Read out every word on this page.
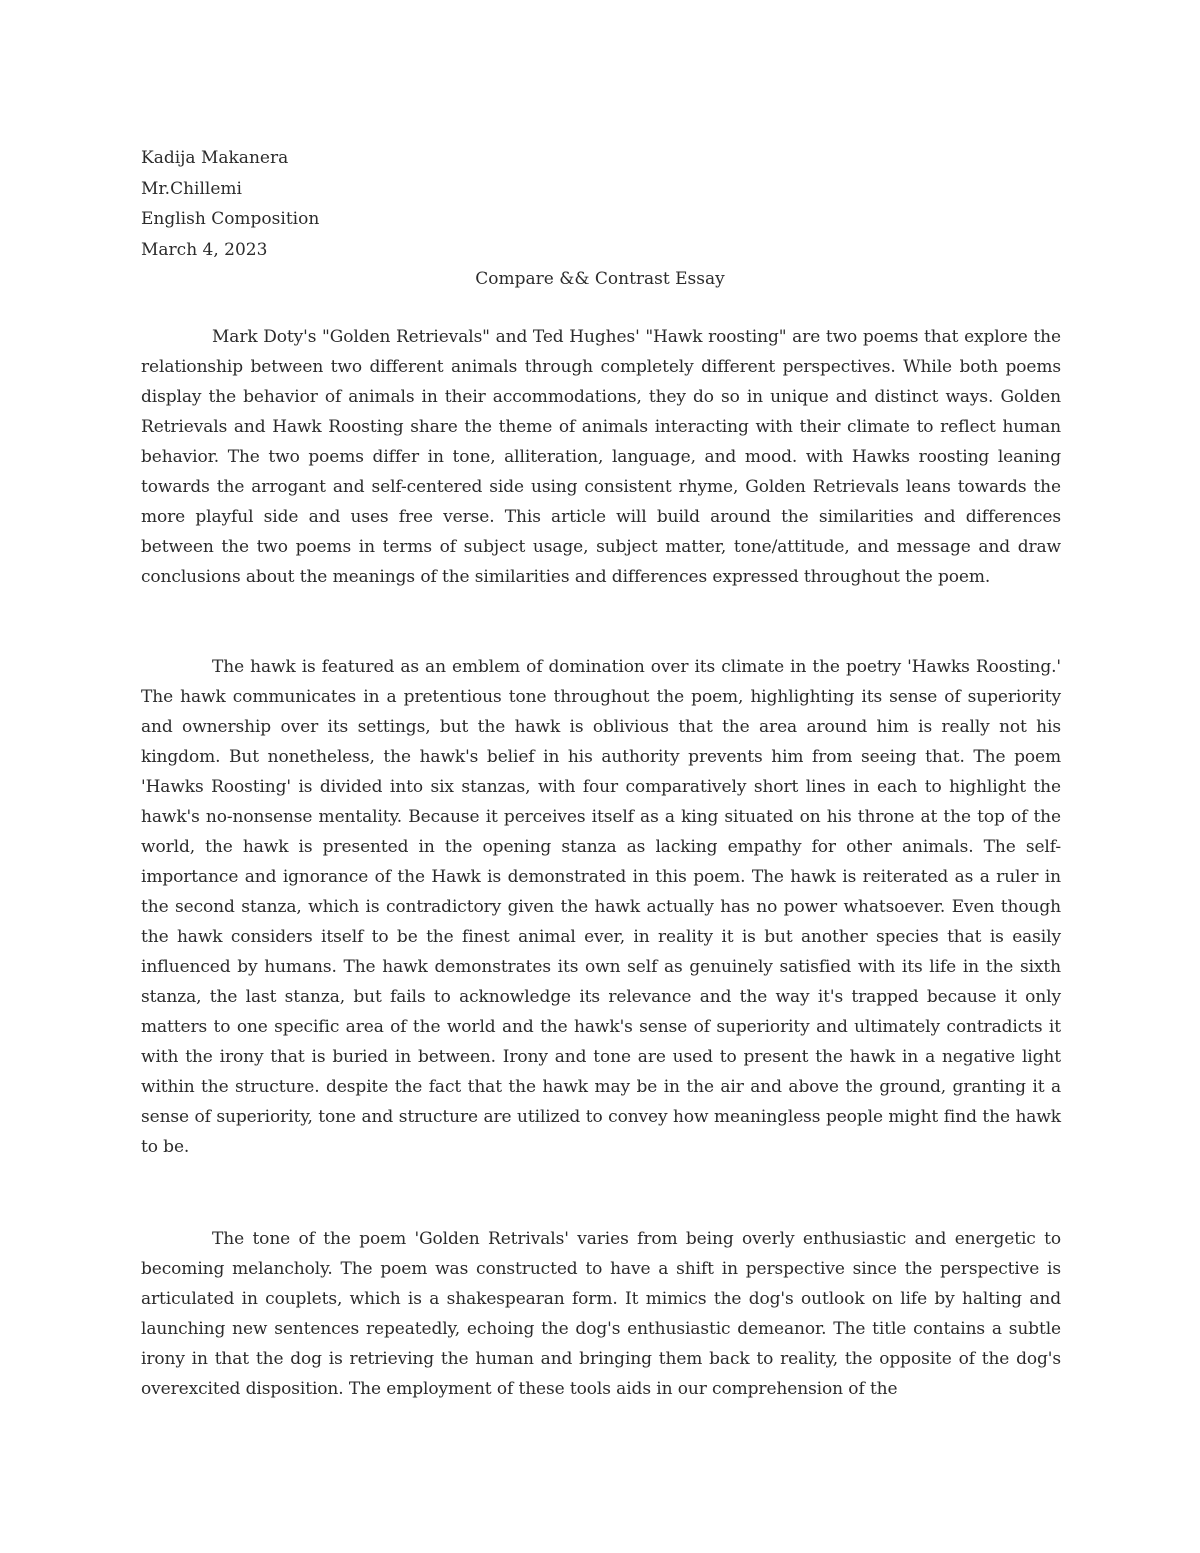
Kadija Makanera
Mr.Chillemi
English Composition
March 4, 2023
Compare && Contrast Essay

Mark Doty's "Golden Retrievals" and Ted Hughes' "Hawk roosting" are two poems that explore the relationship between two different animals through completely different perspectives. While both poems display the behavior of animals in their accommodations, they do so in unique and distinct ways. Golden Retrievals and Hawk Roosting share the theme of animals interacting with their climate to reflect human behavior. The two poems differ in tone, alliteration, language, and mood. with Hawks roosting leaning towards the arrogant and self-centered side using consistent rhyme, Golden Retrievals leans towards the more playful side and uses free verse. This article will build around the similarities and differences between the two poems in terms of subject usage, subject matter, tone/attitude, and message and draw conclusions about the meanings of the similarities and differences expressed throughout the poem.

The hawk is featured as an emblem of domination over its climate in the poetry 'Hawks Roosting.' The hawk communicates in a pretentious tone throughout the poem, highlighting its sense of superiority and ownership over its settings, but the hawk is oblivious that the area around him is really not his kingdom. But nonetheless, the hawk's belief in his authority prevents him from seeing that. The poem 'Hawks Roosting' is divided into six stanzas, with four comparatively short lines in each to highlight the hawk's no-nonsense mentality. Because it perceives itself as a king situated on his throne at the top of the world, the hawk is presented in the opening stanza as lacking empathy for other animals. The self-importance and ignorance of the Hawk is demonstrated in this poem. The hawk is reiterated as a ruler in the second stanza, which is contradictory given the hawk actually has no power whatsoever. Even though the hawk considers itself to be the finest animal ever, in reality it is but another species that is easily influenced by humans. The hawk demonstrates its own self as genuinely satisfied with its life in the sixth stanza, the last stanza, but fails to acknowledge its relevance and the way it's trapped because it only matters to one specific area of the world and the hawk's sense of superiority and ultimately contradicts it with the irony that is buried in between. Irony and tone are used to present the hawk in a negative light within the structure. despite the fact that the hawk may be in the air and above the ground, granting it a sense of superiority, tone and structure are utilized to convey how meaningless people might find the hawk to be.

The tone of the poem 'Golden Retrivals' varies from being overly enthusiastic and energetic to becoming melancholy. The poem was constructed to have a shift in perspective since the perspective is articulated in couplets, which is a shakespearan form. It mimics the dog's outlook on life by halting and launching new sentences repeatedly, echoing the dog's enthusiastic demeanor. The title contains a subtle irony in that the dog is retrieving the human and bringing them back to reality, the opposite of the dog's overexcited disposition. The employment of these tools aids in our comprehension of the
